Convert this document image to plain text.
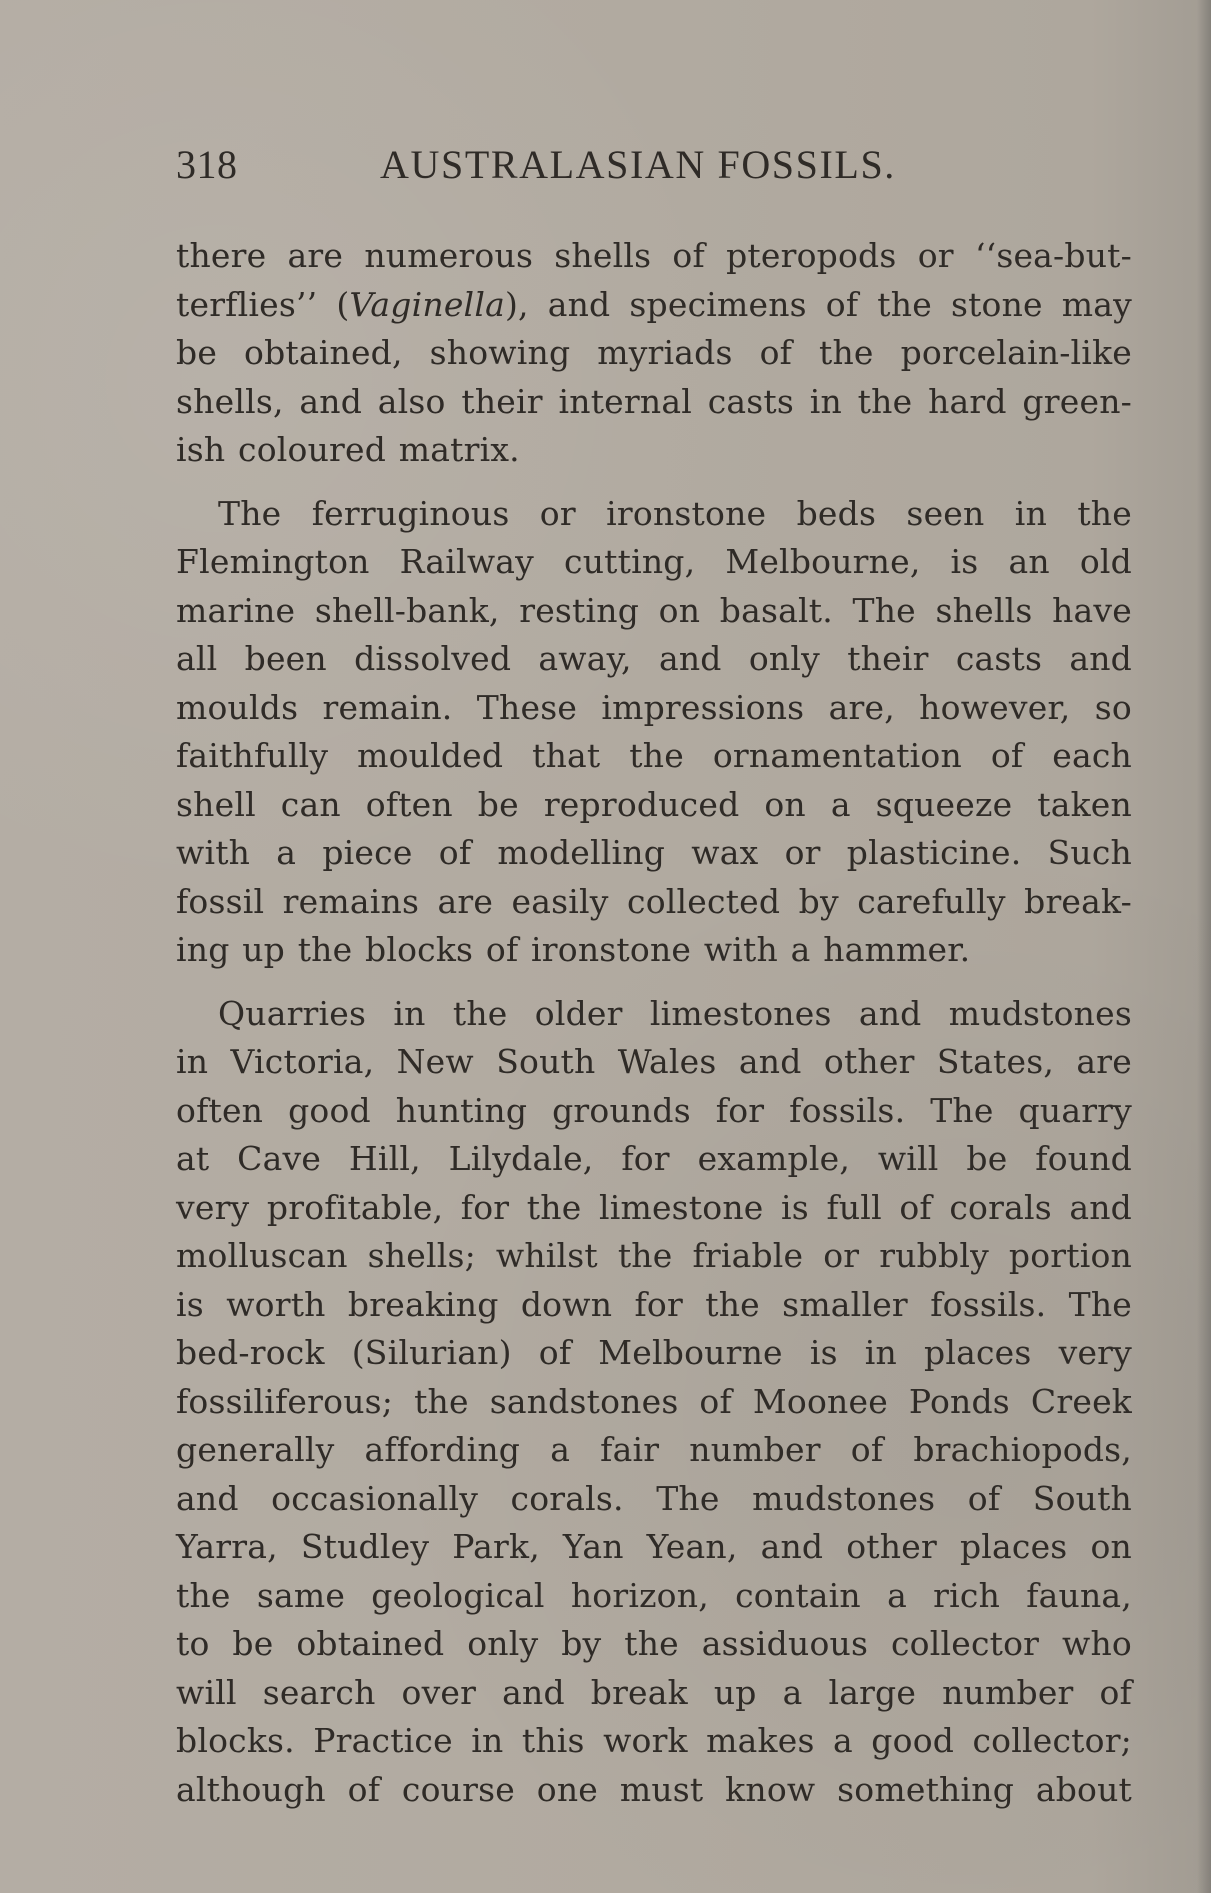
318	AUSTRALASIAN FOSSILS.
there are numerous shells of pteropods or ‘‘sea-but-
terflies’’ (Vaginella), and specimens of the stone may
be obtained, showing myriads of the porcelain-like
shells, and also their internal casts in the hard green-
ish coloured matrix.
The ferruginous or ironstone beds seen in the
Flemington Railway cutting, Melbourne, is an old
marine shell-bank, resting on basalt. The shells have
all been dissolved away, and only their casts and
moulds remain. These impressions are, however, so
faithfully moulded that the ornamentation of each
shell can often be reproduced on a squeeze taken
with a piece of modelling wax or plasticine. Such
fossil remains are easily collected by carefully break-
ing up the blocks of ironstone with a hammer.
Quarries in the older limestones and mudstones
in Victoria, New South Wales and other States, are
often good hunting grounds for fossils. The quarry
at Cave Hill, Lilydale, for example, will be found
very profitable, for the limestone is full of corals and
molluscan shells; whilst the friable or rubbly portion
is worth breaking down for the smaller fossils. The
bed-rock (Silurian) of Melbourne is in places very
fossiliferous; the sandstones of Moonee Ponds Creek
generally affording a fair number of brachiopods,
and occasionally corals. The mudstones of South
Yarra, Studley Park, Yan Yean, and other places on
the same geological horizon, contain a rich fauna,
to be obtained only by the assiduous collector who
will search over and break up a large number of
blocks. Practice in this work makes a good collector;
although of course one must know something about
